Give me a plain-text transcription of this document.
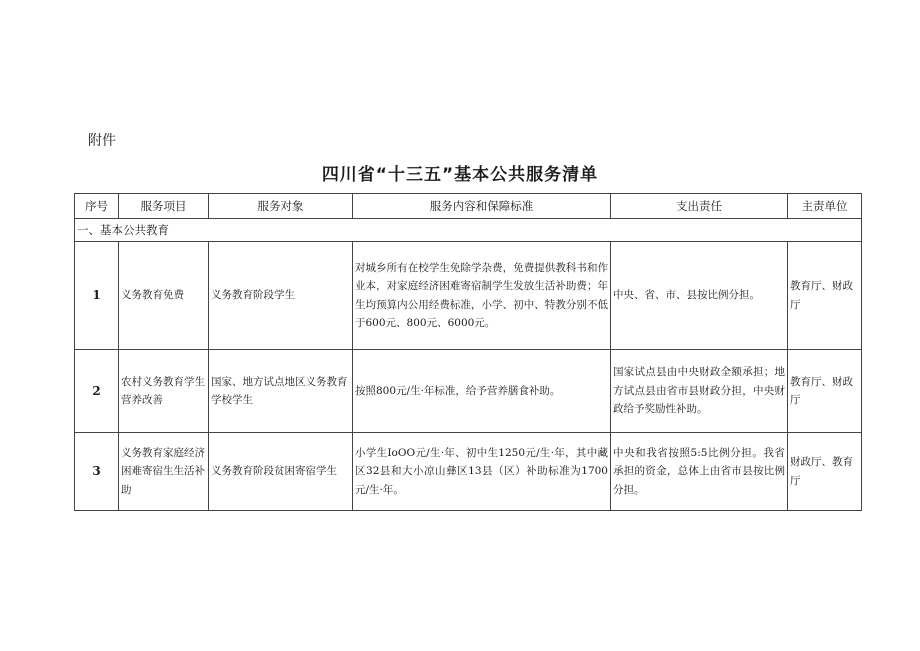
附件
四川省“十三五”基本公共服务清单
序号	服务项目	服务对象	服务内容和保障标准	支出责任	主责单位
一、基本公共教育					
1	义务教育免费	义务教育阶段学生	对城乡所有在校学生免除学杂费，免费提供教科书和作业本，对家庭经济困难寄宿制学生发放生活补助费；年生均预算内公用经费标准，小学、初中、特教分别不低于600元、800元、6000元。	中央、省、市、县按比例分担。	教育厅、财政厅
2	农村义务教育学生营养改善	国家、地方试点地区义务教育学校学生	按照800元/生·年标准，给予营养膳食补助。	国家试点县由中央财政全额承担；地方试点县由省市县财政分担，中央财政给予奖励性补助。	教育厅、财政厅
3	义务教育家庭经济困难寄宿生生活补助	义务教育阶段贫困寄宿学生	小学生IoOO元/生·年、初中生1250元/生·年，其中藏区32县和大小凉山彝区13县（区）补助标准为1700元/生·年。	中央和我省按照5:5比例分担。我省承担的资金，总体上由省市县按比例分担。	财政厅、教育厅
